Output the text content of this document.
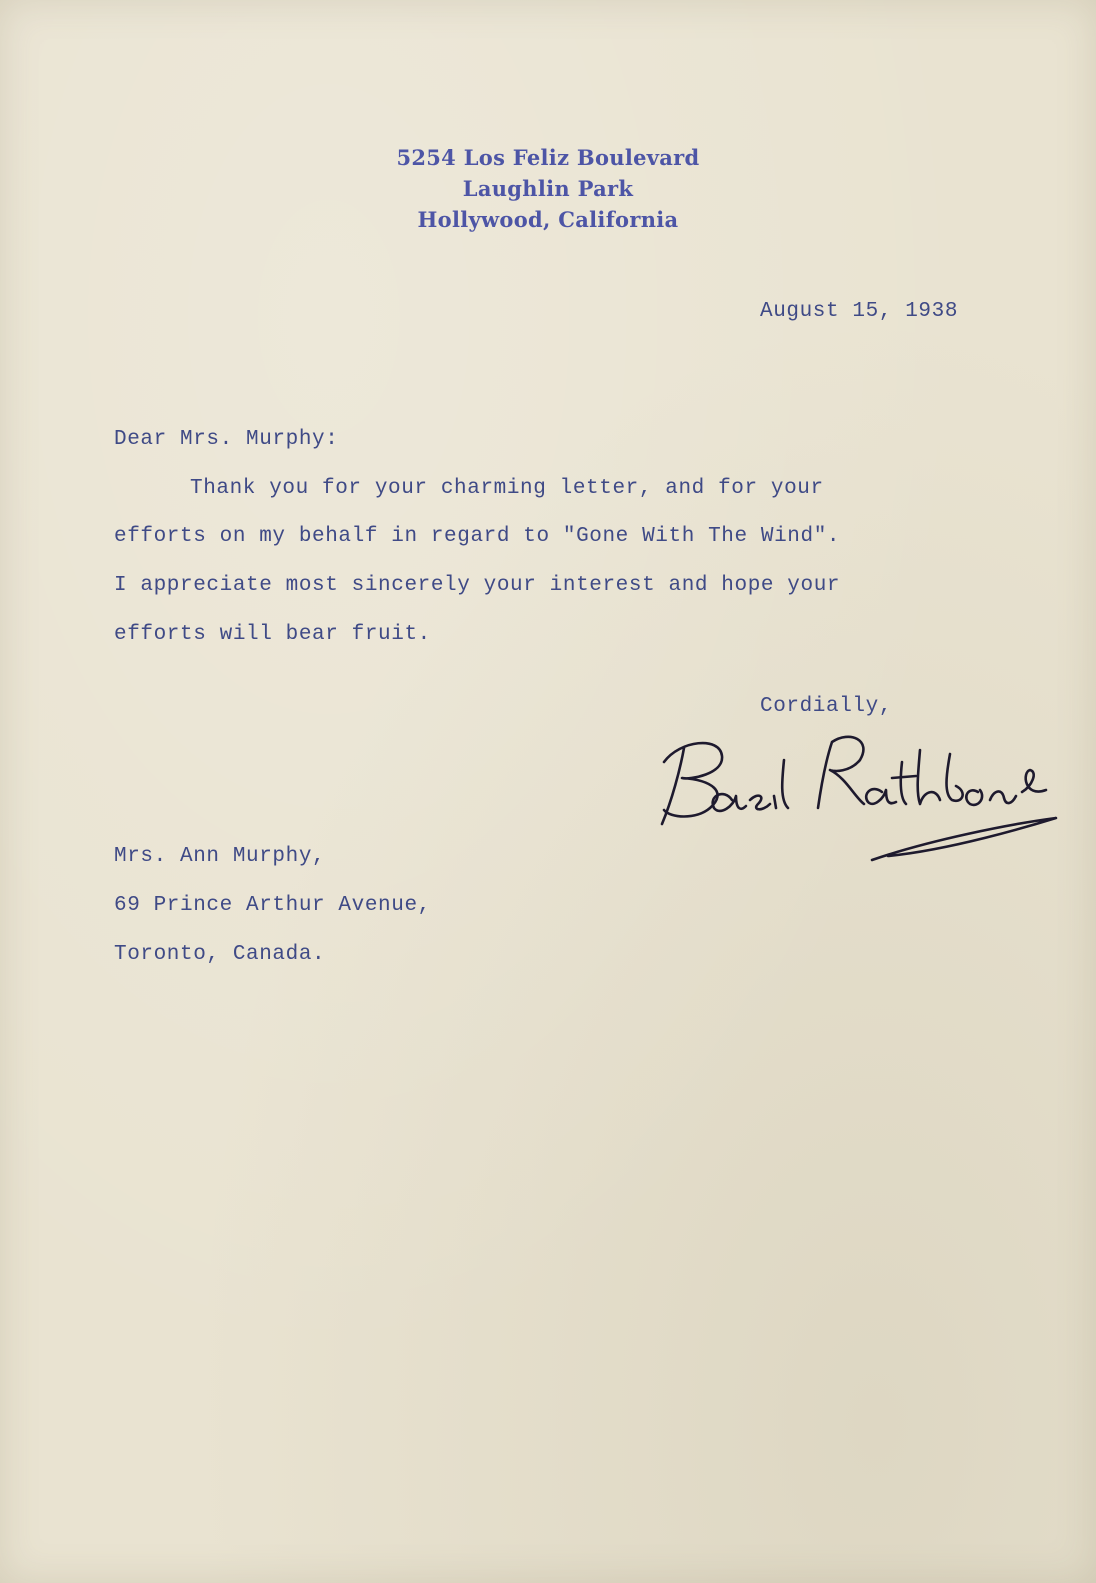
5254 Los Feliz Boulevard
Laughlin Park
Hollywood, California
August 15, 1938
Dear Mrs. Murphy:
Thank you for your charming letter, and for your
efforts on my behalf in regard to "Gone With The Wind".
I appreciate most sincerely your interest and hope your
efforts will bear fruit.
Cordially,
Mrs. Ann Murphy,
69 Prince Arthur Avenue,
Toronto, Canada.
